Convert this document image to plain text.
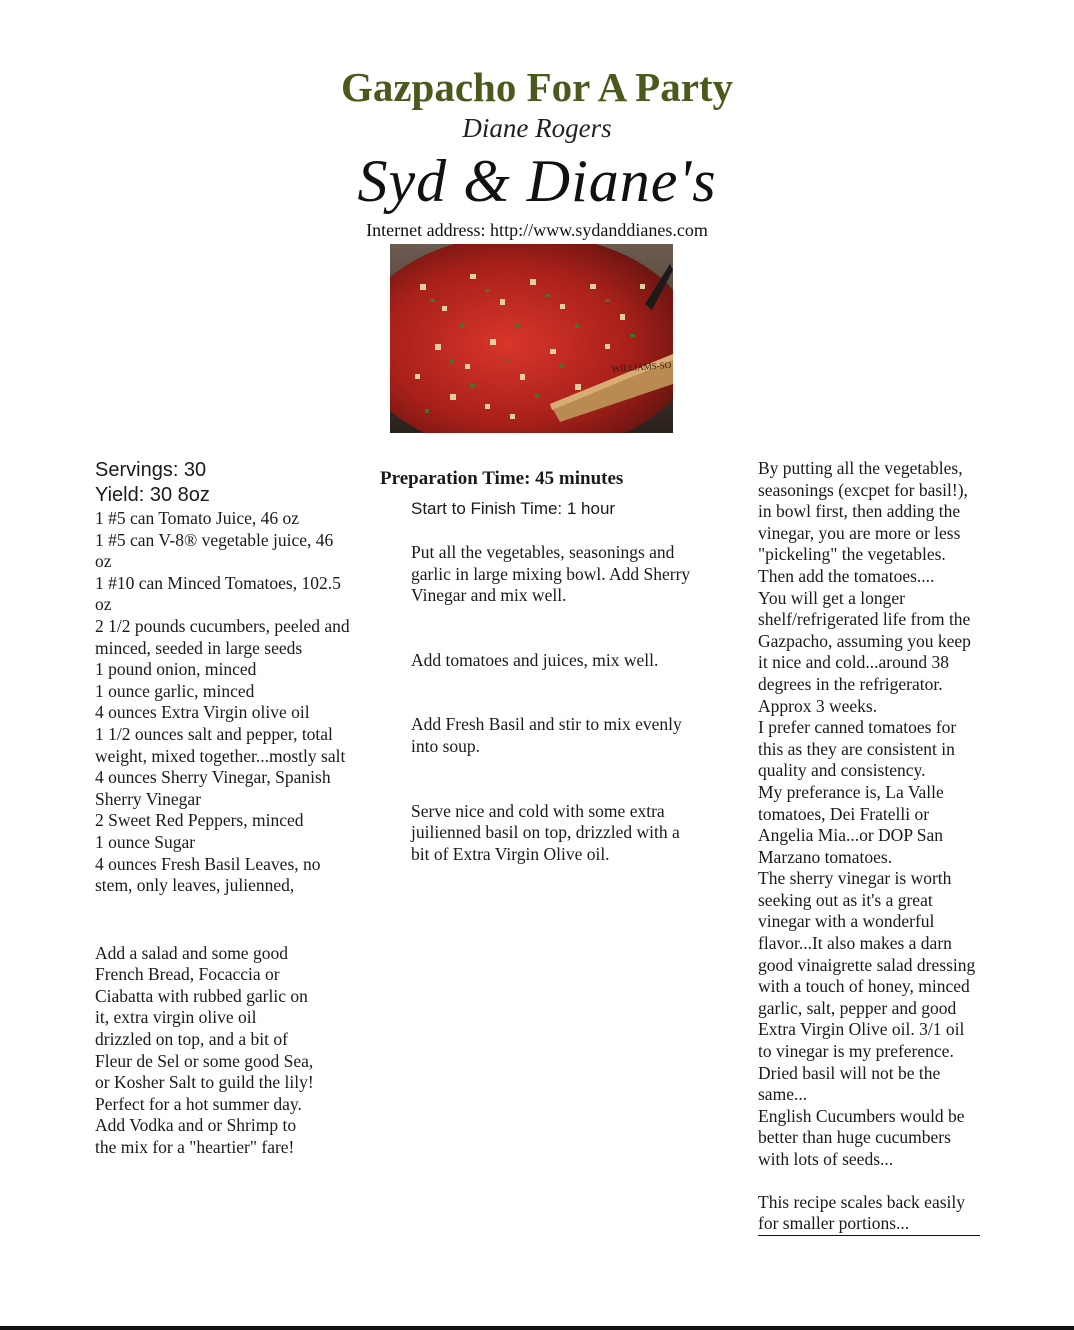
Gazpacho For A Party
Diane Rogers
Syd & Diane's
Internet address: http://www.sydanddianes.com
WILLIAMS-SO
Servings: 30
Yield: 30 8oz
1 #5 can Tomato Juice, 46 oz
1 #5 can V-8® vegetable juice, 46 oz
1 #10 can Minced Tomatoes, 102.5 oz
2 1/2 pounds cucumbers, peeled and minced, seeded in large seeds
1 pound onion, minced
1 ounce garlic, minced
4 ounces Extra Virgin olive oil
1 1/2 ounces salt and pepper, total weight, mixed together...mostly salt
4 ounces Sherry Vinegar, Spanish Sherry Vinegar
2 Sweet Red Peppers, minced
1 ounce Sugar
4 ounces Fresh Basil Leaves, no stem, only leaves, julienned,

Add a salad and some good French Bread, Focaccia or Ciabatta with rubbed garlic on it, extra virgin olive oil drizzled on top, and a bit of Fleur de Sel or some good Sea, or Kosher Salt to guild the lily!

Perfect for a hot summer day.

Add Vodka and or Shrimp to the mix for a "heartier" fare!

Preparation Time: 45 minutes
Start to Finish Time: 1 hour

Put all the vegetables, seasonings and garlic in large mixing bowl. Add Sherry Vinegar and mix well.

Add tomatoes and juices, mix well.

Add Fresh Basil and stir to mix evenly into soup.

Serve nice and cold with some extra juilienned basil on top, drizzled with a bit of Extra Virgin Olive oil.

By putting all the vegetables, seasonings (excpet for basil!), in bowl first, then adding the vinegar, you are more or less "pickeling" the vegetables. Then add the tomatoes....

You will get a longer shelf/refrigerated life from the Gazpacho, assuming you keep it nice and cold...around 38 degrees in the refrigerator. Approx 3 weeks.

I prefer canned tomatoes for this as they are consistent in quality and consistency.

My preferance is, La Valle tomatoes, Dei Fratelli or Angelia Mia...or DOP San Marzano tomatoes.

The sherry vinegar is worth seeking out as it's a great vinegar with a wonderful flavor...It also makes a darn good vinaigrette salad dressing with a touch of honey, minced garlic, salt, pepper and good Extra Virgin Olive oil. 3/1 oil to vinegar is my preference.

Dried basil will not be the same...

English Cucumbers would be better than huge cucumbers with lots of seeds...

This recipe scales back easily for smaller portions...
